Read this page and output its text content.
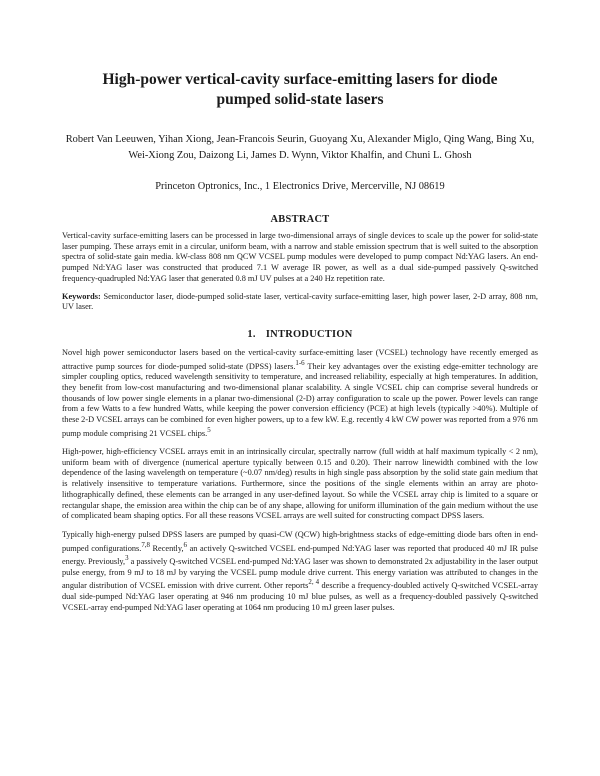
High-power vertical-cavity surface-emitting lasers for diode pumped solid-state lasers

Robert Van Leeuwen, Yihan Xiong, Jean-Francois Seurin, Guoyang Xu, Alexander Miglo, Qing Wang, Bing Xu, Wei-Xiong Zou, Daizong Li, James D. Wynn, Viktor Khalfin, and Chuni L. Ghosh

Princeton Optronics, Inc., 1 Electronics Drive, Mercerville, NJ 08619

ABSTRACT

Vertical-cavity surface-emitting lasers can be processed in large two-dimensional arrays of single devices to scale up the power for solid-state laser pumping. These arrays emit in a circular, uniform beam, with a narrow and stable emission spectrum that is well suited to the absorption spectra of solid-state gain media. kW-class 808 nm QCW VCSEL pump modules were developed to pump compact Nd:YAG lasers. An end-pumped Nd:YAG laser was constructed that produced 7.1 W average IR power, as well as a dual side-pumped passively Q-switched frequency-quadrupled Nd:YAG laser that generated 0.8 mJ UV pulses at a 240 Hz repetition rate.

Keywords: Semiconductor laser, diode-pumped solid-state laser, vertical-cavity surface-emitting laser, high power laser, 2-D array, 808 nm, UV laser.

1. INTRODUCTION

Novel high power semiconductor lasers based on the vertical-cavity surface-emitting laser (VCSEL) technology have recently emerged as attractive pump sources for diode-pumped solid-state (DPSS) lasers.$^{1-6}$ Their key advantages over the existing edge-emitter technology are simpler coupling optics, reduced wavelength sensitivity to temperature, and increased reliability, especially at high temperatures. In addition, they benefit from low-cost manufacturing and two-dimensional planar scalability. A single VCSEL chip can comprise several hundreds or thousands of low power single elements in a planar two-dimensional (2-D) array configuration to scale up the power. Power levels can range from a few Watts to a few hundred Watts, while keeping the power conversion efficiency (PCE) at high levels (typically >40%). Multiple of these 2-D VCSEL arrays can be combined for even higher powers, up to a few kW. E.g. recently 4 kW CW power was reported from a 976 nm pump module comprising 21 VCSEL chips.$^5$

High-power, high-efficiency VCSEL arrays emit in an intrinsically circular, spectrally narrow (full width at half maximum typically < 2 nm), uniform beam with of divergence (numerical aperture typically between 0.15 and 0.20). Their narrow linewidth combined with the low dependence of the lasing wavelength on temperature (~0.07 nm/deg) results in high single pass absorption by the solid state gain medium that is relatively insensitive to temperature variations. Furthermore, since the positions of the single elements within an array are photo-lithographically defined, these elements can be arranged in any user-defined layout. So while the VCSEL array chip is limited to a square or rectangular shape, the emission area within the chip can be of any shape, allowing for uniform illumination of the gain medium without the use of complicated beam shaping optics. For all these reasons VCSEL arrays are well suited for constructing compact DPSS lasers.

Typically high-energy pulsed DPSS lasers are pumped by quasi-CW (QCW) high-brightness stacks of edge-emitting diode bars often in end-pumped configurations.$^{7,8}$ Recently,$^6$ an actively Q-switched VCSEL end-pumped Nd:YAG laser was reported that produced 40 mJ IR pulse energy. Previously,$^3$ a passively Q-switched VCSEL end-pumped Nd:YAG laser was shown to demonstrated 2x adjustability in the laser output pulse energy, from 9 mJ to 18 mJ by varying the VCSEL pump module drive current. This energy variation was attributed to changes in the angular distribution of VCSEL emission with drive current. Other reports$^{2, 4}$ describe a frequency-doubled actively Q-switched VCSEL-array dual side-pumped Nd:YAG laser operating at 946 nm producing 10 mJ blue pulses, as well as a frequency-doubled passively Q-switched VCSEL-array end-pumped Nd:YAG laser operating at 1064 nm producing 10 mJ green laser pulses.
